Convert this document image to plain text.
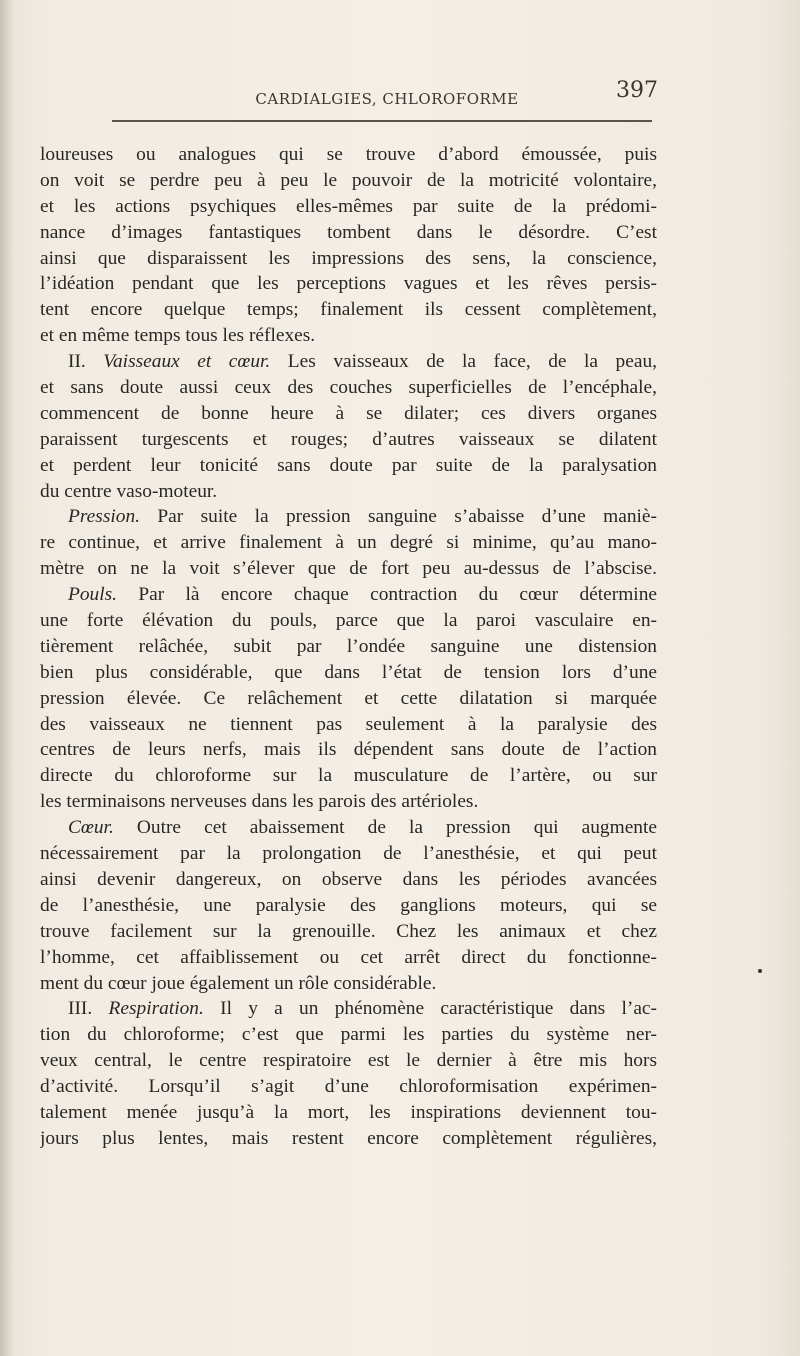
CARDIALGIES, CHLOROFORME	397
loureuses ou analogues qui se trouve d’abord émoussée, puis
on voit se perdre peu à peu le pouvoir de la motricité volontaire,
et les actions psychiques elles-mêmes par suite de la prédomi-
nance d’images fantastiques tombent dans le désordre. C’est
ainsi que disparaissent les impressions des sens, la conscience,
l’idéation pendant que les perceptions vagues et les rêves persis-
tent encore quelque temps; finalement ils cessent complètement,
et en même temps tous les réflexes.
II. Vaisseaux et cœur. Les vaisseaux de la face, de la peau,
et sans doute aussi ceux des couches superficielles de l’encéphale,
commencent de bonne heure à se dilater; ces divers organes
paraissent turgescents et rouges; d’autres vaisseaux se dilatent
et perdent leur tonicité sans doute par suite de la paralysation
du centre vaso-moteur.
Pression. Par suite la pression sanguine s’abaisse d’une maniè-
re continue, et arrive finalement à un degré si minime, qu’au mano-
mètre on ne la voit s’élever que de fort peu au-dessus de l’abscise.
Pouls. Par là encore chaque contraction du cœur détermine
une forte élévation du pouls, parce que la paroi vasculaire en-
tièrement relâchée, subit par l’ondée sanguine une distension
bien plus considérable, que dans l’état de tension lors d’une
pression élevée. Ce relâchement et cette dilatation si marquée
des vaisseaux ne tiennent pas seulement à la paralysie des
centres de leurs nerfs, mais ils dépendent sans doute de l’action
directe du chloroforme sur la musculature de l’artère, ou sur
les terminaisons nerveuses dans les parois des artérioles.
Cœur. Outre cet abaissement de la pression qui augmente
nécessairement par la prolongation de l’anesthésie, et qui peut
ainsi devenir dangereux, on observe dans les périodes avancées
de l’anesthésie, une paralysie des ganglions moteurs, qui se
trouve facilement sur la grenouille. Chez les animaux et chez
l’homme, cet affaiblissement ou cet arrêt direct du fonctionne-
ment du cœur joue également un rôle considérable.
III. Respiration. Il y a un phénomène caractéristique dans l’ac-
tion du chloroforme; c’est que parmi les parties du système ner-
veux central, le centre respiratoire est le dernier à être mis hors
d’activité. Lorsqu’il s’agit d’une chloroformisation expérimen-
talement menée jusqu’à la mort, les inspirations deviennent tou-
jours plus lentes, mais restent encore complètement régulières,
